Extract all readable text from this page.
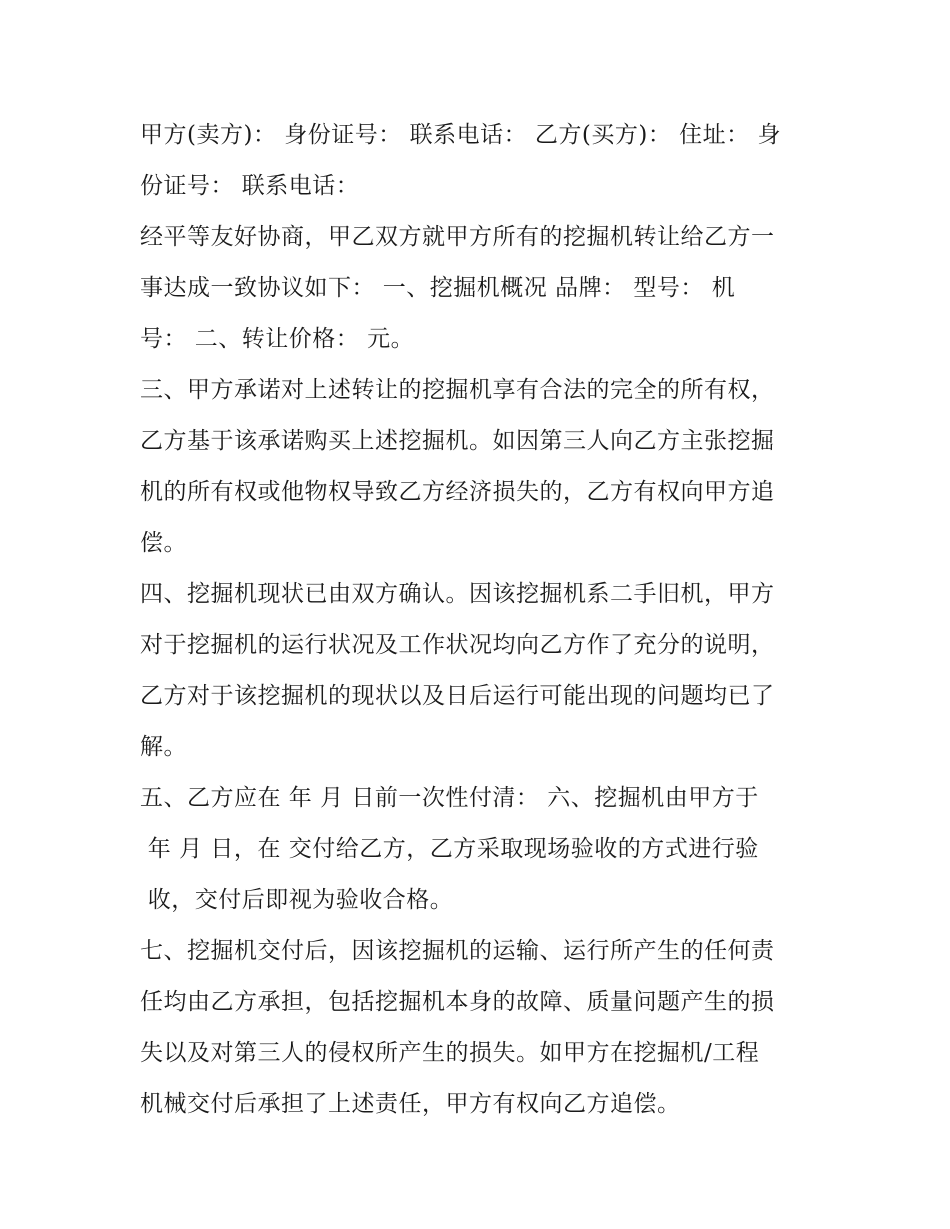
甲方(卖方)： 身份证号： 联系电话： 乙方(买方)： 住址： 身
份证号： 联系电话：
经平等友好协商，甲乙双方就甲方所有的挖掘机转让给乙方一
事达成一致协议如下： 一、挖掘机概况 品牌： 型号： 机
号： 二、转让价格： 元。
三、甲方承诺对上述转让的挖掘机享有合法的完全的所有权，
乙方基于该承诺购买上述挖掘机。如因第三人向乙方主张挖掘
机的所有权或他物权导致乙方经济损失的，乙方有权向甲方追
偿。
四、挖掘机现状已由双方确认。因该挖掘机系二手旧机，甲方
对于挖掘机的运行状况及工作状况均向乙方作了充分的说明，
乙方对于该挖掘机的现状以及日后运行可能出现的问题均已了
解。
五、乙方应在 年 月 日前一次性付清： 六、挖掘机由甲方于
年 月 日，在 交付给乙方，乙方采取现场验收的方式进行验
收，交付后即视为验收合格。
七、挖掘机交付后，因该挖掘机的运输、运行所产生的任何责
任均由乙方承担，包括挖掘机本身的故障、质量问题产生的损
失以及对第三人的侵权所产生的损失。如甲方在挖掘机/工程
机械交付后承担了上述责任，甲方有权向乙方追偿。
